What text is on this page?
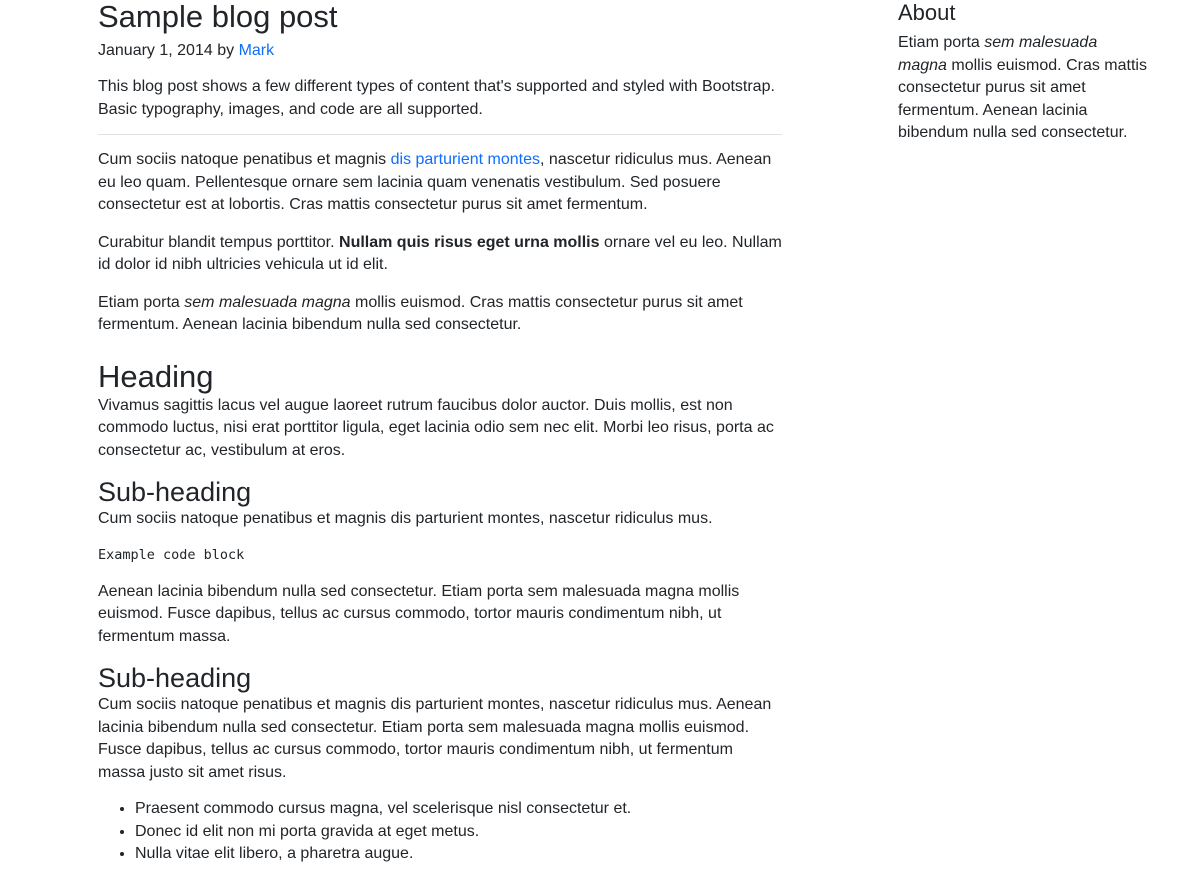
Sample blog post
January 1, 2014 by Mark

This blog post shows a few different types of content that's supported and styled with Bootstrap. Basic typography, images, and code are all supported.

Cum sociis natoque penatibus et magnis dis parturient montes, nascetur ridiculus mus. Aenean eu leo quam. Pellentesque ornare sem lacinia quam venenatis vestibulum. Sed posuere consectetur est at lobortis. Cras mattis consectetur purus sit amet fermentum.

Curabitur blandit tempus porttitor. Nullam quis risus eget urna mollis ornare vel eu leo. Nullam id dolor id nibh ultricies vehicula ut id elit.

Etiam porta sem malesuada magna mollis euismod. Cras mattis consectetur purus sit amet fermentum. Aenean lacinia bibendum nulla sed consectetur.

Heading

Vivamus sagittis lacus vel augue laoreet rutrum faucibus dolor auctor. Duis mollis, est non commodo luctus, nisi erat porttitor ligula, eget lacinia odio sem nec elit. Morbi leo risus, porta ac consectetur ac, vestibulum at eros.

Sub-heading

Cum sociis natoque penatibus et magnis dis parturient montes, nascetur ridiculus mus.

Example code block

Aenean lacinia bibendum nulla sed consectetur. Etiam porta sem malesuada magna mollis euismod. Fusce dapibus, tellus ac cursus commodo, tortor mauris condimentum nibh, ut fermentum massa.

Sub-heading

Cum sociis natoque penatibus et magnis dis parturient montes, nascetur ridiculus mus. Aenean lacinia bibendum nulla sed consectetur. Etiam porta sem malesuada magna mollis euismod. Fusce dapibus, tellus ac cursus commodo, tortor mauris condimentum nibh, ut fermentum massa justo sit amet risus.

• Praesent commodo cursus magna, vel scelerisque nisl consectetur et.
• Donec id elit non mi porta gravida at eget metus.
• Nulla vitae elit libero, a pharetra augue.
About

Etiam porta sem malesuada magna mollis euismod. Cras mattis consectetur purus sit amet fermentum. Aenean lacinia bibendum nulla sed consectetur.
